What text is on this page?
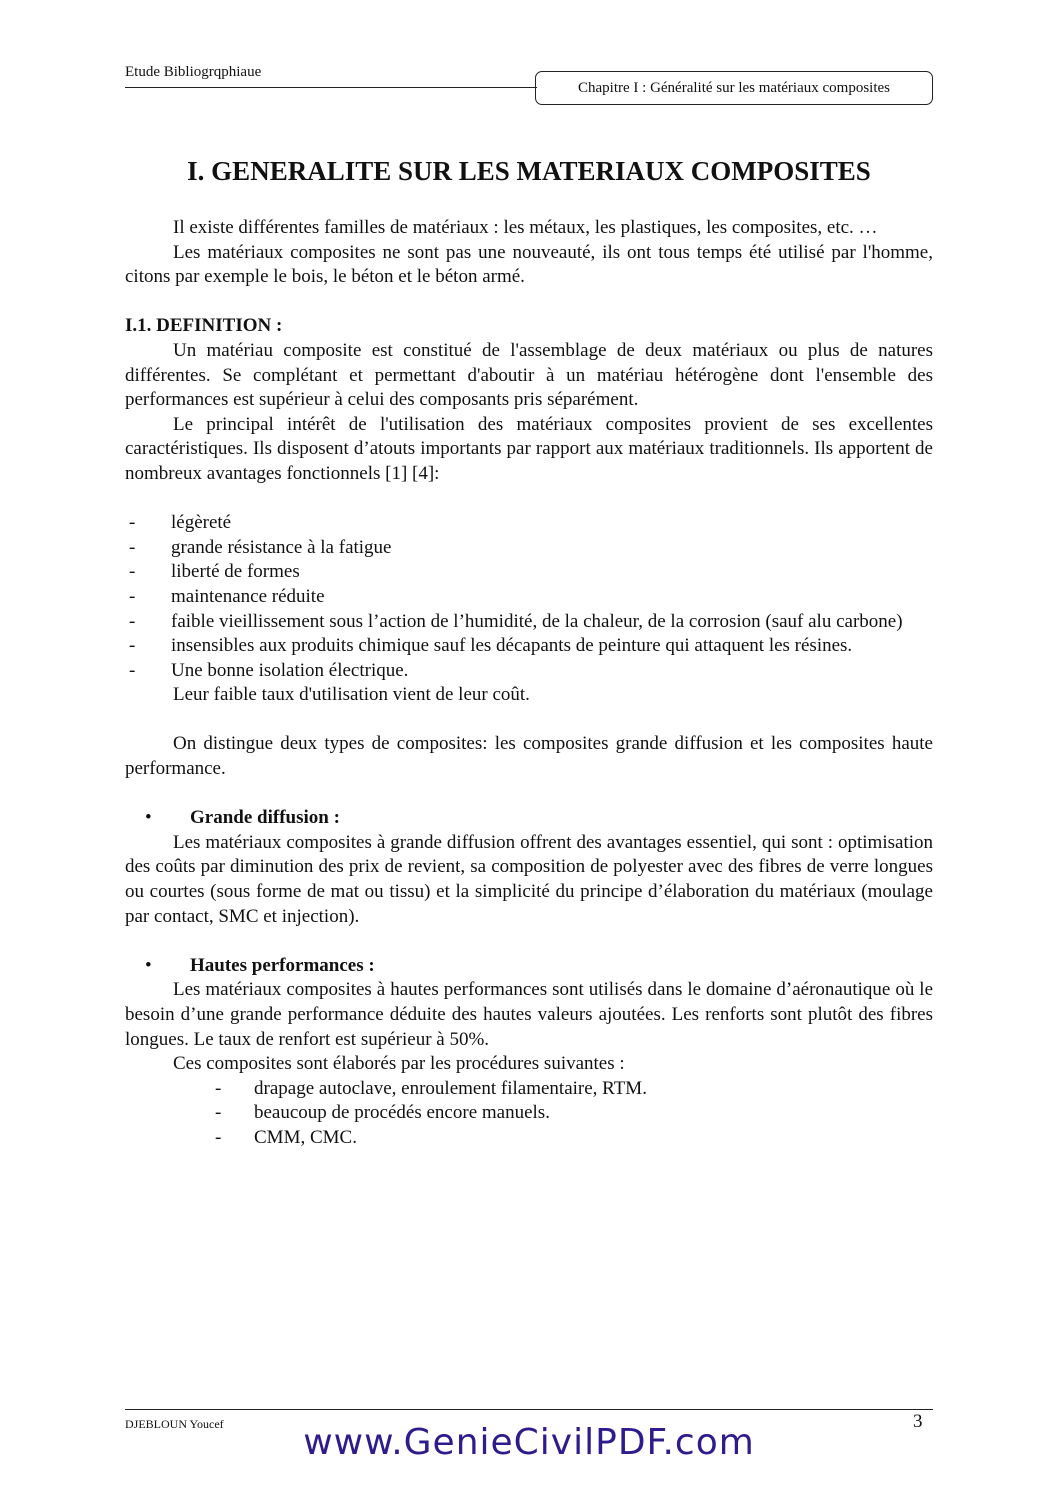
Etude Bibliogrqphiaue
Chapitre I : Généralité sur les matériaux composites
I. GENERALITE SUR LES MATERIAUX COMPOSITES

Il existe différentes familles de matériaux : les métaux, les plastiques, les composites, etc. …

Les matériaux composites ne sont pas une nouveauté, ils ont tous temps été utilisé par l'homme, citons par exemple le bois, le béton et le béton armé.

I.1. DEFINITION :

Un matériau composite est constitué de l'assemblage de deux matériaux ou plus de natures différentes. Se complétant et permettant d'aboutir à un matériau hétérogène dont l'ensemble des performances est supérieur à celui des composants pris séparément.

Le principal intérêt de l'utilisation des matériaux composites provient de ses excellentes caractéristiques. Ils disposent d’atouts importants par rapport aux matériaux traditionnels. Ils apportent de nombreux avantages fonctionnels [1] [4]:

- légèreté
- grande résistance à la fatigue
- liberté de formes
- maintenance réduite
- faible vieillissement sous l’action de l’humidité, de la chaleur, de la corrosion (sauf alu carbone)
- insensibles aux produits chimique sauf les décapants de peinture qui attaquent les résines.
- Une bonne isolation électrique.

Leur faible taux d'utilisation vient de leur coût.

On distingue deux types de composites: les composites grande diffusion et les composites haute performance.

• Grande diffusion :

Les matériaux composites à grande diffusion offrent des avantages essentiel, qui sont : optimisation des coûts par diminution des prix de revient, sa composition de polyester avec des fibres de verre longues ou courtes (sous forme de mat ou tissu) et la simplicité du principe d’élaboration du matériaux (moulage par contact, SMC et injection).

• Hautes performances :

Les matériaux composites à hautes performances sont utilisés dans le domaine d’aéronautique où le besoin d’une grande performance déduite des hautes valeurs ajoutées. Les renforts sont plutôt des fibres longues. Le taux de renfort est supérieur à 50%.

Ces composites sont élaborés par les procédures suivantes :

- drapage autoclave, enroulement filamentaire, RTM.
- beaucoup de procédés encore manuels.
- CMM, CMC.
DJEBLOUN Youcef	3
www.GenieCivilPDF.com
